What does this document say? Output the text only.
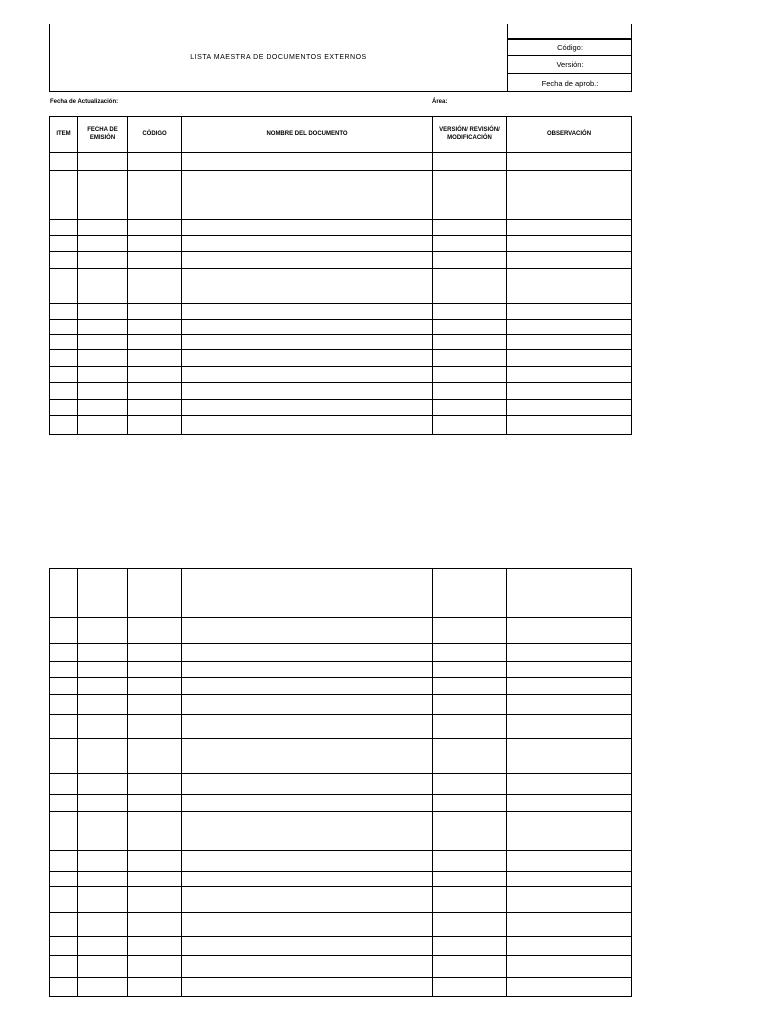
LISTA MAESTRA DE DOCUMENTOS EXTERNOS
Código:
Versión:
Fecha de aprob.:
Fecha de Actualización:	Área:
ITEM	FECHA DE EMISIÓN	CÓDIGO	NOMBRE DEL DOCUMENTO	VERSIÓN/ REVISIÓN/ MODIFICACIÓN	OBSERVACIÓN
